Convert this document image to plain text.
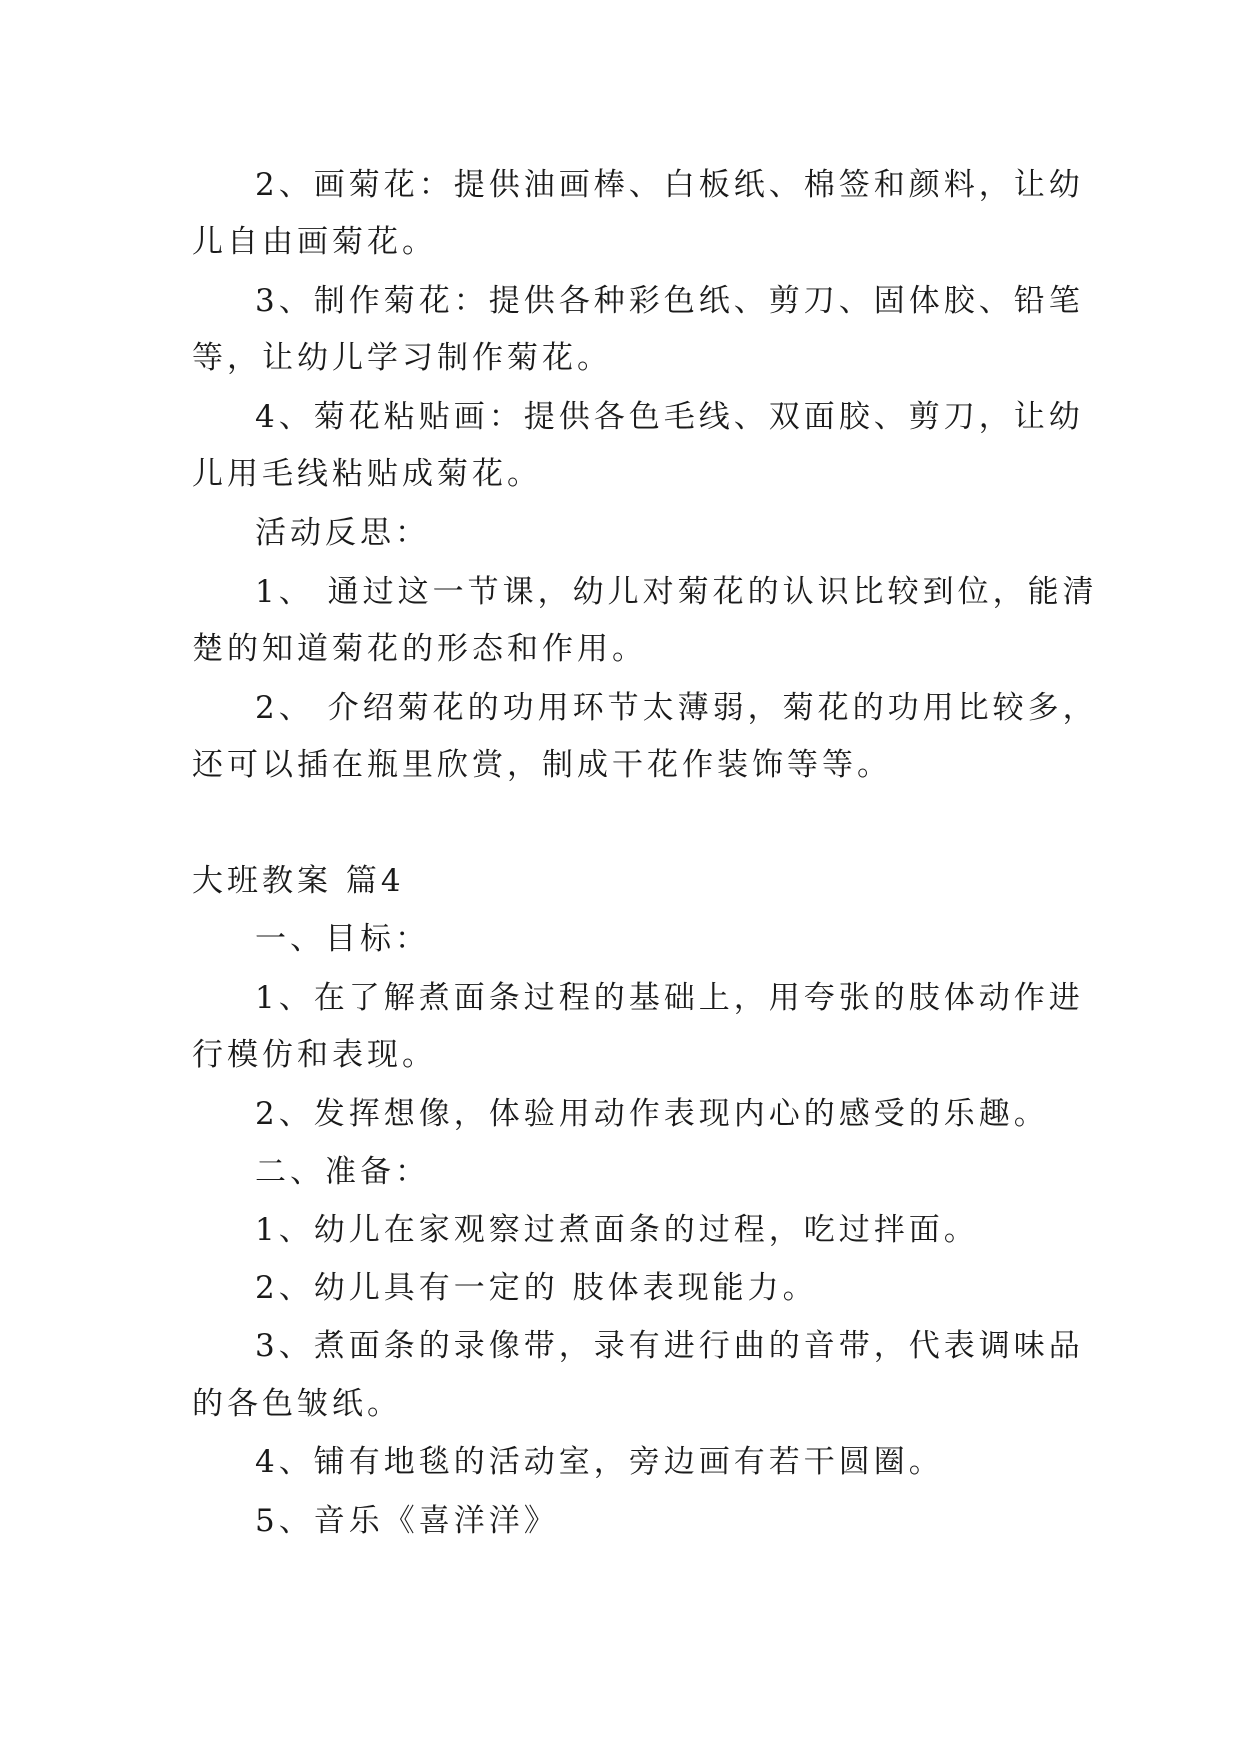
2、画菊花：提供油画棒、白板纸、棉签和颜料，让幼
儿自由画菊花。
3、制作菊花：提供各种彩色纸、剪刀、固体胶、铅笔
等，让幼儿学习制作菊花。
4、菊花粘贴画：提供各色毛线、双面胶、剪刀，让幼
儿用毛线粘贴成菊花。
活动反思：
1、 通过这一节课，幼儿对菊花的认识比较到位，能清
楚的知道菊花的形态和作用。
2、 介绍菊花的功用环节太薄弱，菊花的功用比较多，
还可以插在瓶里欣赏，制成干花作装饰等等。
大班教案 篇4
一、目标：
1、在了解煮面条过程的基础上，用夸张的肢体动作进
行模仿和表现。
2、发挥想像，体验用动作表现内心的感受的乐趣。
二、准备：
1、幼儿在家观察过煮面条的过程，吃过拌面。
2、幼儿具有一定的 肢体表现能力。
3、煮面条的录像带，录有进行曲的音带，代表调味品
的各色皱纸。
4、铺有地毯的活动室，旁边画有若干圆圈。
5、音乐《喜洋洋》
